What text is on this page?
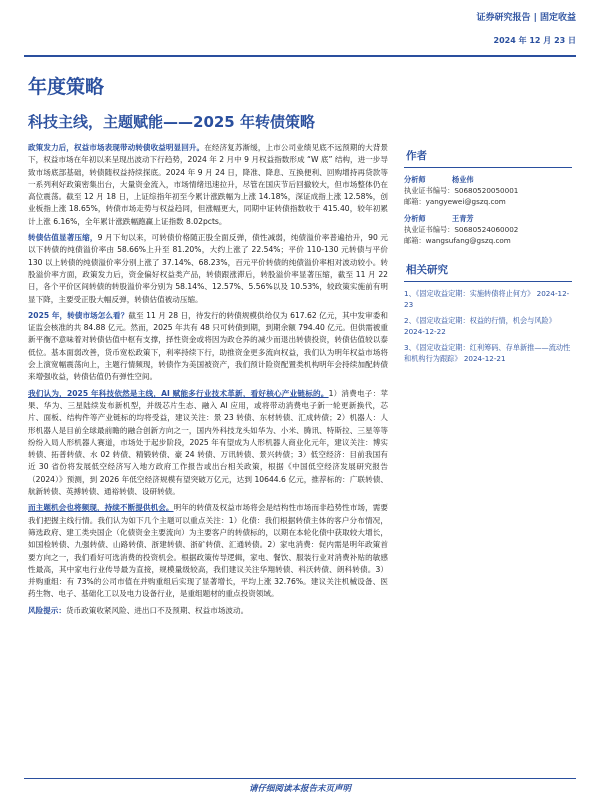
证券研究报告 | 固定收益
2024 年 12 月 23 日
年度策略
科技主线，主题赋能——2025 年转债策略

政策发力后，权益市场表现带动转债收益明显回升。在经济复苏渐缓，上市公司业绩见底不远预期的大背景下，权益市场在年初以来呈现出波动下行趋势，2024 年 2 月中 9 月权益指数形成 “W 底” 结构，进一步导致市场底部基础，转债随权益持续探底。2024 年 9 月 24 日，降准、降息、互换便利、回购增持再贷款等一系列利好政策密集出台，大量资金流入，市场情绪迅速拉升，尽管在国庆节后回撤较大，但市场整体仍在高位震荡。截至 12 月 18 日，上证综指年初至今累计涨跌幅为上涨 14.18%，深证成指上涨 12.58%，创业板指上涨 18.65%，转债市场走势与权益趋同，但涨幅更大，同期中证转债指数收于 415.40，较年初累计上涨 6.16%，全年累计涨跌幅跑赢上证指数 8.02pcts。

转债估值显著压缩，9 月下旬以来，可转债价格随正股全面反弹，债性减弱，纯债溢价率普遍抬升，90 元以下转债的纯债溢价率由 58.66%上升至 81.20%，大约上涨了 22.54%；平价 110-130 元转债与平价 130 以上转债的纯债溢价率分别上涨了 37.14%、68.23%，百元平价转债的纯债溢价率相对波动较小。转股溢价率方面，政策发力后，资金偏好权益类产品，转债跟涨滞后，转股溢价率显著压缩，截至 11 月 22 日，各个平价区间转债的转股溢价率分别为 58.14%、12.57%、5.56%以及 10.53%，较政策实施前有明显下降，主要受正股大幅反弹，转债估值被动压缩。

2025 年，转债市场怎么看？截至 11 月 28 日，待发行的转债规模供给仅为 617.62 亿元，其中发审委和证监会核准的共 84.88 亿元。然而，2025 年共有 48 只可转债到期，到期余额 794.40 亿元。但供需被重新平衡不意味着对转债估值中枢有支撑，择性资金或将因为政仓养的减少而退出转债投资，转债估值较以泰低位。基本面弱改善，货币宽松政策下，利率持续下行，助推资金更多流向权益，我们认为明年权益市场将会上演宽幅震荡向上，主题行情频现，转债作为美国被资产，我们预计险资配置类机构明年会持续加配转债来增强收益，转债估值仍有弹性空间。

我们认为，2025 年科技依然是主线，AI 赋能多行业技术革新，看好核心产业链标的。1）消费电子：苹果、华为、三星陆续发布新机型，并级芯片生态、融入 AI 应用，或将带动消费电子新一轮更新换代，芯片、面板、结构件等产业链标的均将受益，建议关注：景 23 转债、东材转债、汇成转债；2）机器人：人形机器人是目前全球最前瞻的融合创新方向之一，国内外科技龙头如华为、小米、腾讯、特斯拉、三星等等纷纷入局人形机器人赛道，市场处于起步阶段，2025 年有望成为人形机器人商业化元年，建议关注：博实转债、拓普转债、水 02 转债、精锻转债、豪 24 转债、万讯转债、景兴转债；3）低空经济：目前我国有近 30 省份将发展低空经济写入地方政府工作报告或出台相关政策，根据《中国低空经济发展研究报告（2024）》预测，到 2026 年低空经济规模有望突破万亿元，达到 10644.6 亿元，推荐标的：广联转债、航新转债、英搏转债、通裕转债、设研转债。

而主题机会也将频现，持续不断提供机会。明年的转债及权益市场将会是结构性市场而非趋势性市场，需要我们把握主线行情。我们认为如下几个主题可以重点关注：1）化债：我们根据转债主体的客户分布情况，筛选政府、建工类央国企（化债资金主要流向）为主要客户的转债标的，以期在本轮化债中获取较大增长，如国检转债、九强转债、山路转债、浙建转债、浙矿转债、汇通转债。2）家电消费：促内需是明年政策首要方向之一，我们看好可选消费的投资机会。根据政策传导逻辑，家电、餐饮、服装行业对消费补贴的敏感性最高，其中家电行业传导最为直接，规模量级较高，我们建议关注华翔转债、科沃转债、朗科转债。3）并购重组：有 73%的公司市值在并购重组后实现了显著增长，平均上涨 32.76%。建议关注机械设备、医药生物、电子、基础化工以及电力设备行业，是重组题材的重点投资领域。

风险提示：货币政策收紧风险、进出口不及预期、权益市场波动。

作者
分析师	杨业伟
执业证书编号：S0680520050001
邮箱：yangyewei@gszq.com
分析师	王青芳
执业证书编号：S0680524060002
邮箱：wangsufang@gszq.com
相关研究
1、《固定收益定期：实施转债将止何方》 2024-12-23
2、《固定收益定期：权益的行情，机会与风险》 2024-12-22
3、《固定收益定期：红利筹码、存单新推——流动性和机构行为跟踪》 2024-12-21
请仔细阅读本报告末页声明
